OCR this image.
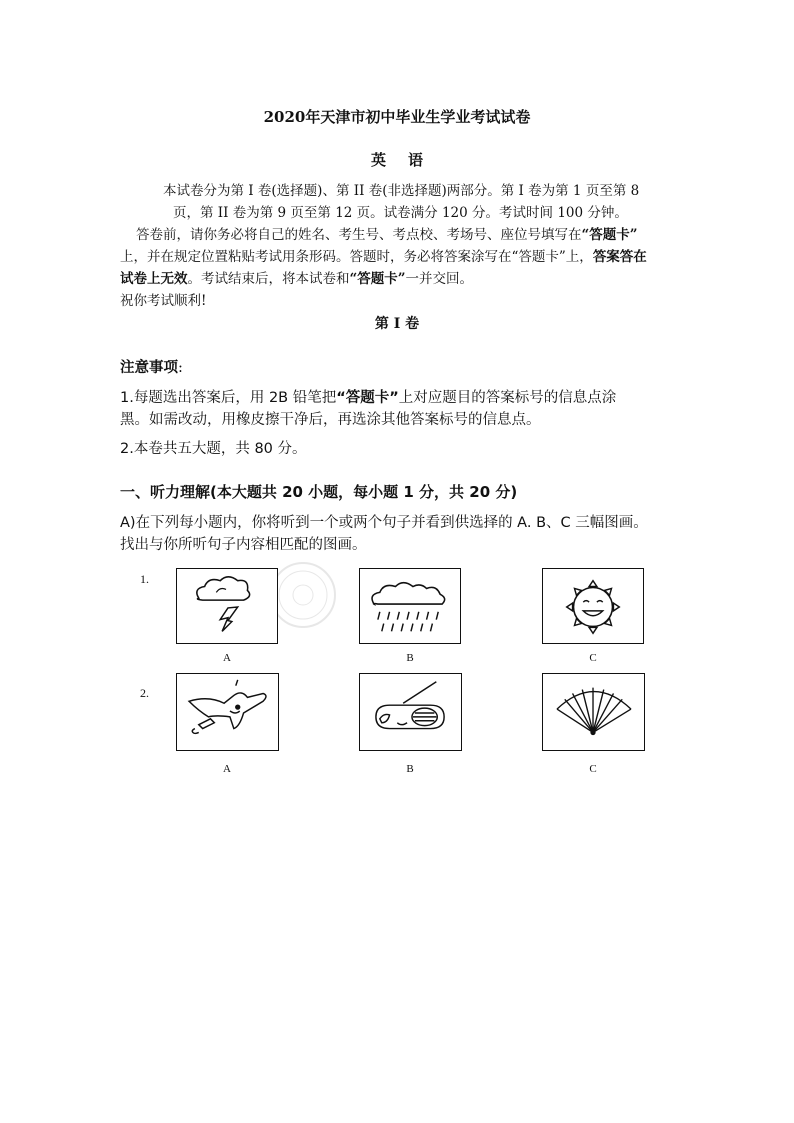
2020年天津市初中毕业生学业考试试卷
英语
本试卷分为第 I 卷(选择题)、第 II 卷(非选择题)两部分。第 I 卷为第 1 页至第 8
页，第 II 卷为第 9 页至第 12 页。试卷满分 120 分。考试时间 100 分钟。
答卷前，请你务必将自己的姓名、考生号、考点校、考场号、座位号填写在“答题卡”
上，并在规定位置粘贴考试用条形码。答题时，务必将答案涂写在“答题卡”上，答案答在
试卷上无效。考试结束后，将本试卷和“答题卡”一并交回。
祝你考试顺利!
第 I 卷
注意事项:
1.每题选出答案后，用 2B 铅笔把“答题卡”上对应题目的答案标号的信息点涂
黑。如需改动，用橡皮擦干净后，再选涂其他答案标号的信息点。
2.本卷共五大题，共 80 分。
一、听力理解(本大题共 20 小题，每小题 1 分，共 20 分)
A)在下列每小题内，你将听到一个或两个句子并看到供选择的 A. B、C 三幅图画。
找出与你所听句子内容相匹配的图画。
1.
A	B	C
2.
A	B	C
